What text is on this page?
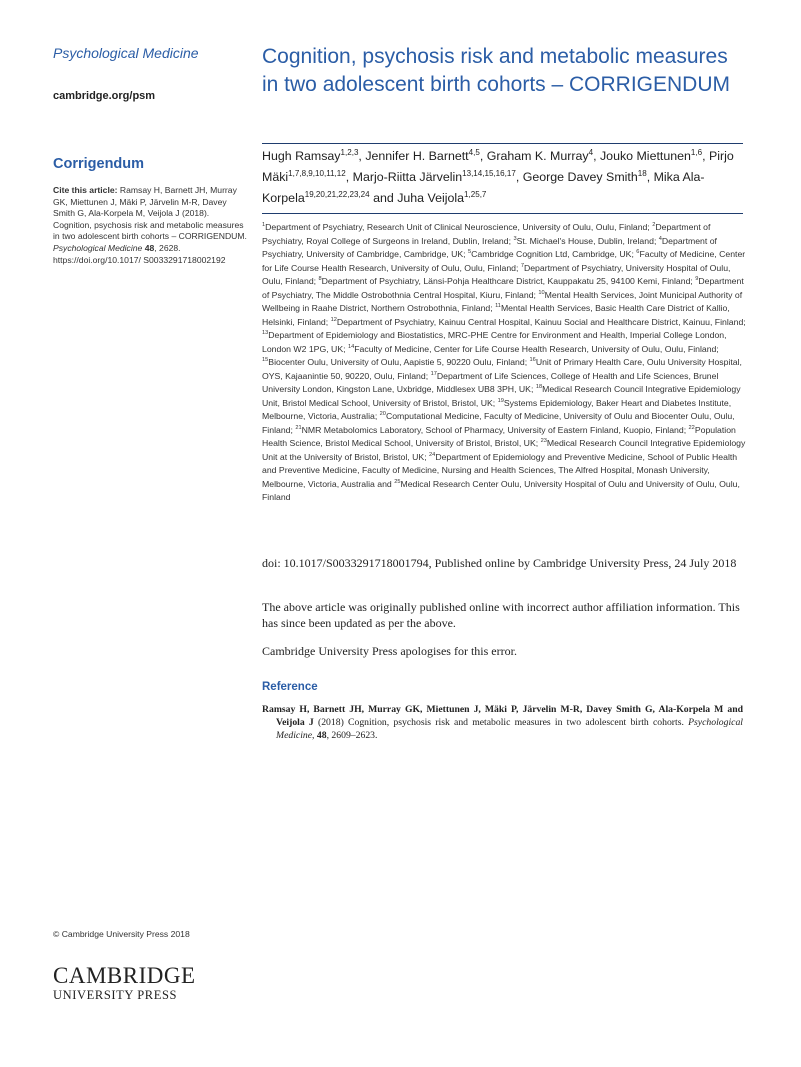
Psychological Medicine
cambridge.org/psm
Corrigendum
Cite this article: Ramsay H, Barnett JH, Murray GK, Miettunen J, Mäki P, Järvelin M-R, Davey Smith G, Ala-Korpela M, Veijola J (2018). Cognition, psychosis risk and metabolic measures in two adolescent birth cohorts – CORRIGENDUM. Psychological Medicine 48, 2628. https://doi.org/10.1017/ S0033291718002192
© Cambridge University Press 2018
CAMBRIDGE
UNIVERSITY PRESS
Cognition, psychosis risk and metabolic measures in two adolescent birth cohorts – CORRIGENDUM
Hugh Ramsay$^{1,2,3}$, Jennifer H. Barnett$^{4,5}$, Graham K. Murray$^4$, Jouko Miettunen$^{1,6}$, Pirjo Mäki$^{1,7,8,9,10,11,12}$, Marjo-Riitta Järvelin$^{13,14,15,16,17}$, George Davey Smith$^{18}$, Mika Ala-Korpela$^{19,20,21,22,23,24}$ and Juha Veijola$^{1,25,7}$
$^1$Department of Psychiatry, Research Unit of Clinical Neuroscience, University of Oulu, Oulu, Finland; $^2$Department of Psychiatry, Royal College of Surgeons in Ireland, Dublin, Ireland; $^3$St. Michael's House, Dublin, Ireland; $^4$Department of Psychiatry, University of Cambridge, Cambridge, UK; $^5$Cambridge Cognition Ltd, Cambridge, UK; $^6$Faculty of Medicine, Center for Life Course Health Research, University of Oulu, Oulu, Finland; $^7$Department of Psychiatry, University Hospital of Oulu, Oulu, Finland; $^8$Department of Psychiatry, Länsi-Pohja Healthcare District, Kauppakatu 25, 94100 Kemi, Finland; $^9$Department of Psychiatry, The Middle Ostrobothnia Central Hospital, Kiuru, Finland; $^{10}$Mental Health Services, Joint Municipal Authority of Wellbeing in Raahe District, Northern Ostrobothnia, Finland; $^{11}$Mental Health Services, Basic Health Care District of Kallio, Helsinki, Finland; $^{12}$Department of Psychiatry, Kainuu Central Hospital, Kainuu Social and Healthcare District, Kainuu, Finland; $^{13}$Department of Epidemiology and Biostatistics, MRC-PHE Centre for Environment and Health, Imperial College London, London W2 1PG, UK; $^{14}$Faculty of Medicine, Center for Life Course Health Research, University of Oulu, Oulu, Finland; $^{15}$Biocenter Oulu, University of Oulu, Aapistie 5, 90220 Oulu, Finland; $^{16}$Unit of Primary Health Care, Oulu University Hospital, OYS, Kajaanintie 50, 90220, Oulu, Finland; $^{17}$Department of Life Sciences, College of Health and Life Sciences, Brunel University London, Kingston Lane, Uxbridge, Middlesex UB8 3PH, UK; $^{18}$Medical Research Council Integrative Epidemiology Unit, Bristol Medical School, University of Bristol, Bristol, UK; $^{19}$Systems Epidemiology, Baker Heart and Diabetes Institute, Melbourne, Victoria, Australia; $^{20}$Computational Medicine, Faculty of Medicine, University of Oulu and Biocenter Oulu, Oulu, Finland; $^{21}$NMR Metabolomics Laboratory, School of Pharmacy, University of Eastern Finland, Kuopio, Finland; $^{22}$Population Health Science, Bristol Medical School, University of Bristol, Bristol, UK; $^{23}$Medical Research Council Integrative Epidemiology Unit at the University of Bristol, Bristol, UK; $^{24}$Department of Epidemiology and Preventive Medicine, School of Public Health and Preventive Medicine, Faculty of Medicine, Nursing and Health Sciences, The Alfred Hospital, Monash University, Melbourne, Victoria, Australia and $^{25}$Medical Research Center Oulu, University Hospital of Oulu and University of Oulu, Oulu, Finland
doi: 10.1017/S0033291718001794, Published online by Cambridge University Press, 24 July 2018
The above article was originally published online with incorrect author affiliation information. This has since been updated as per the above.
Cambridge University Press apologises for this error.
Reference
Ramsay H, Barnett JH, Murray GK, Miettunen J, Mäki P, Järvelin M-R, Davey Smith G, Ala-Korpela M and Veijola J (2018) Cognition, psychosis risk and metabolic measures in two adolescent birth cohorts. Psychological Medicine, 48, 2609–2623.
